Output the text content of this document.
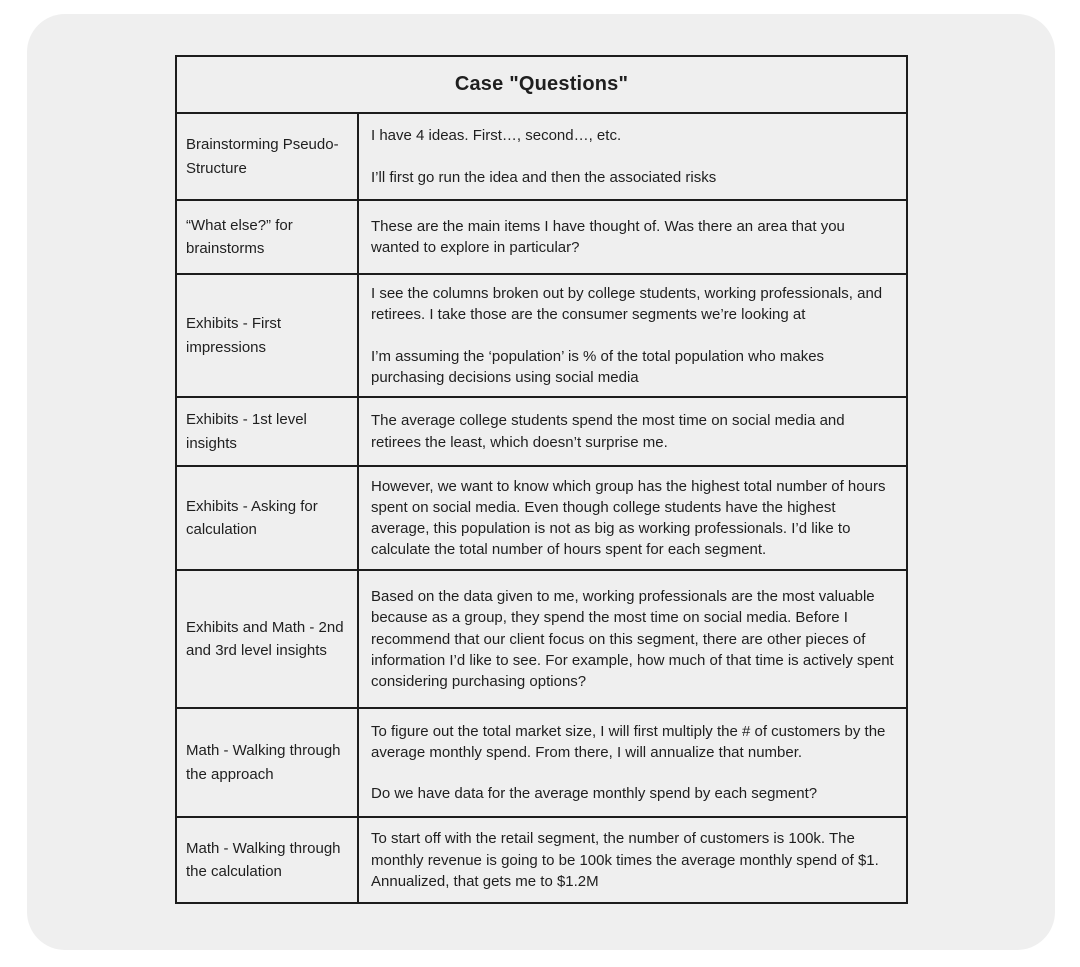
Case "Questions"
Brainstorming Pseudo-Structure

I have 4 ideas. First…, second…, etc.

I’ll first go run the idea and then the associated risks

“What else?” for brainstorms

These are the main items I have thought of. Was there an area that you wanted to explore in particular?

Exhibits - First impressions

I see the columns broken out by college students, working professionals, and retirees. I take those are the consumer segments we’re looking at

I’m assuming the ‘population’ is % of the total population who makes purchasing decisions using social media

Exhibits - 1st level insights

The average college students spend the most time on social media and retirees the least, which doesn’t surprise me.

Exhibits - Asking for calculation

However, we want to know which group has the highest total number of hours spent on social media. Even though college students have the highest average, this population is not as big as working professionals. I’d like to calculate the total number of hours spent for each segment.

Exhibits and Math - 2nd and 3rd level insights

Based on the data given to me, working professionals are the most valuable because as a group, they spend the most time on social media. Before I recommend that our client focus on this segment, there are other pieces of information I’d like to see. For example, how much of that time is actively spent considering purchasing options?

Math - Walking through the approach

To figure out the total market size, I will first multiply the # of customers by the average monthly spend. From there, I will annualize that number.

Do we have data for the average monthly spend by each segment?

Math - Walking through the calculation

To start off with the retail segment, the number of customers is 100k. The monthly revenue is going to be 100k times the average monthly spend of $1. Annualized, that gets me to $1.2M
